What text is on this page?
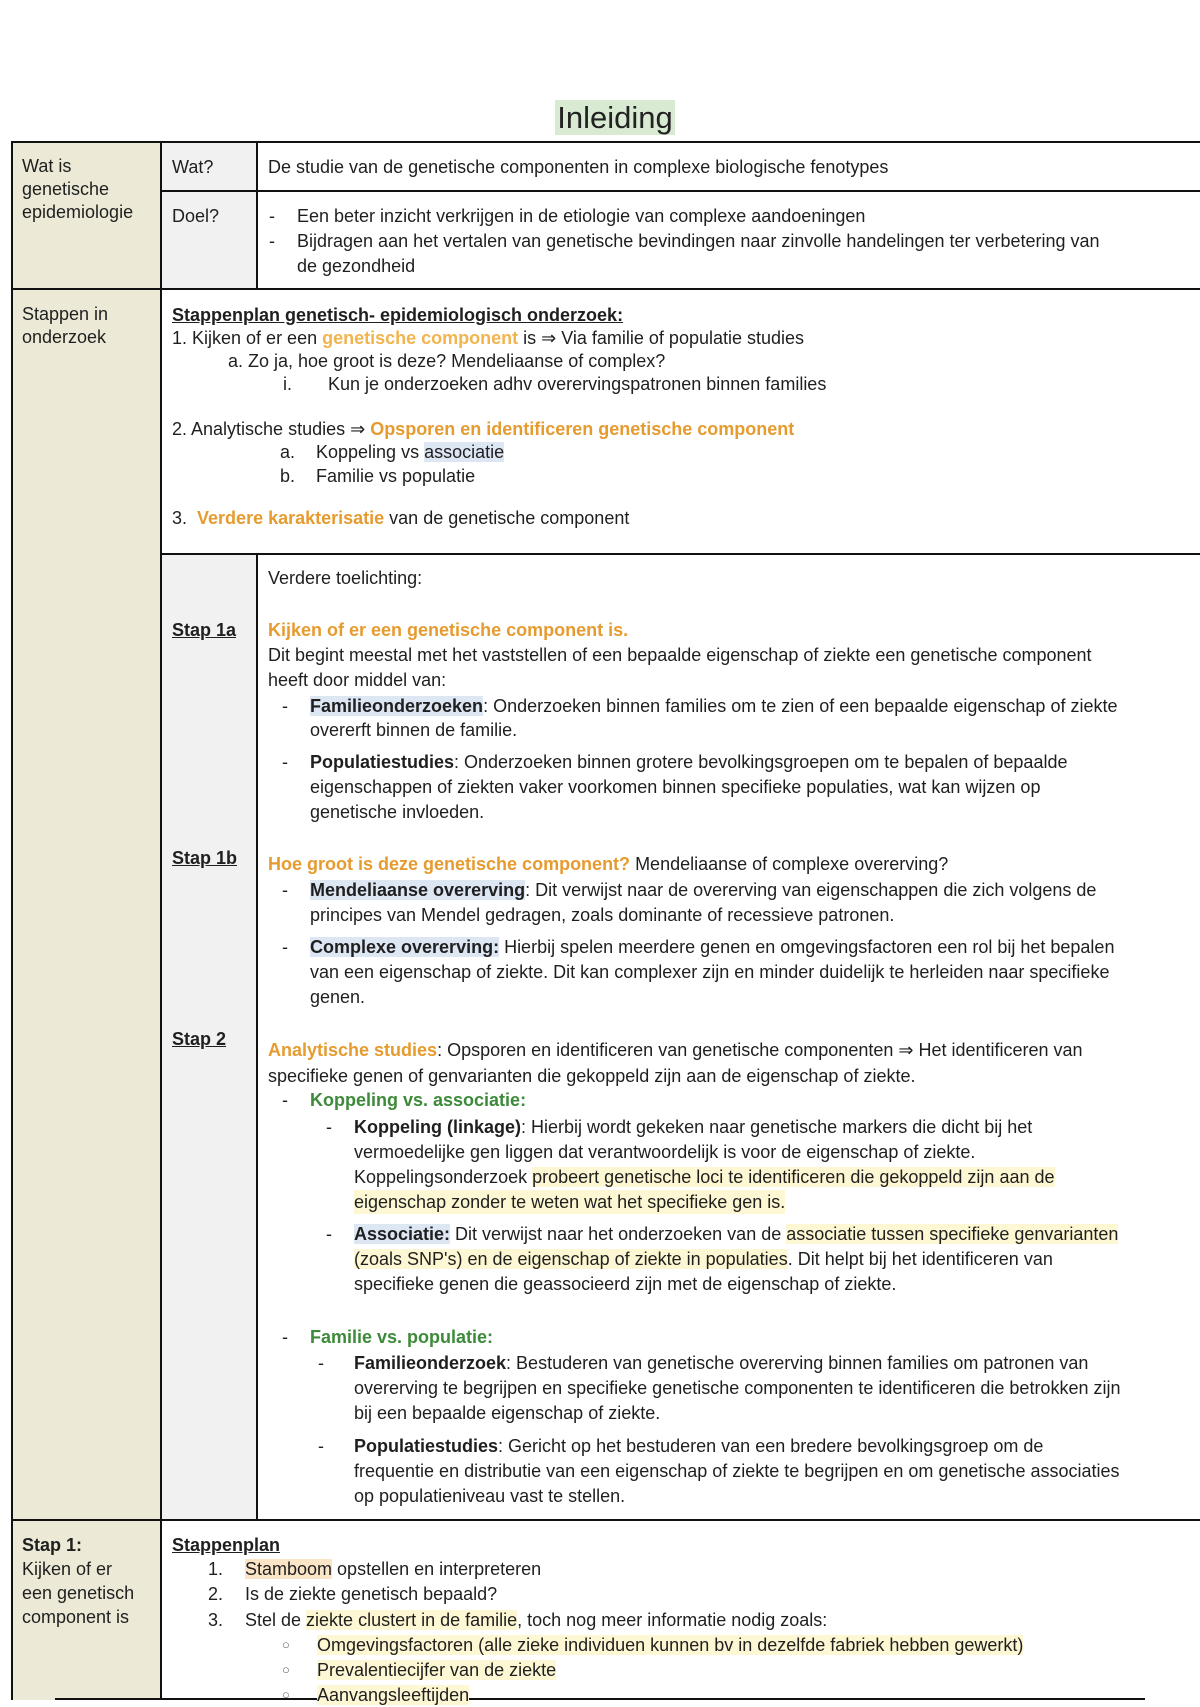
Inleiding
Wat is genetische epidemiologie
Wat?	De studie van de genetische componenten in complexe biologische fenotypes
Doel?	- Een beter inzicht verkrijgen in de etiologie van complexe aandoeningen
- Bijdragen aan het vertalen van genetische bevindingen naar zinvolle handelingen ter verbetering van
de gezondheid
Stappen in onderzoek
Stappenplan genetisch- epidemiologisch onderzoek:
1. Kijken of er een genetische component is ⇒ Via familie of populatie studies
a. Zo ja, hoe groot is deze? Mendeliaanse of complex?
i. Kun je onderzoeken adhv overervingspatronen binnen families
2. Analytische studies ⇒ Opsporen en identificeren genetische component
a. Koppeling vs associatie
b. Familie vs populatie
3. Verdere karakterisatie van de genetische component
Verdere toelichting:
Stap 1a Kijken of er een genetische component is.
Dit begint meestal met het vaststellen of een bepaalde eigenschap of ziekte een genetische component
heeft door middel van:
- Familieonderzoeken: Onderzoeken binnen families om te zien of een bepaalde eigenschap of ziekte
overerft binnen de familie.
- Populatiestudies: Onderzoeken binnen grotere bevolkingsgroepen om te bepalen of bepaalde
eigenschappen of ziekten vaker voorkomen binnen specifieke populaties, wat kan wijzen op
genetische invloeden.
Stap 1b Hoe groot is deze genetische component? Mendeliaanse of complexe overerving?
- Mendeliaanse overerving: Dit verwijst naar de overerving van eigenschappen die zich volgens de
principes van Mendel gedragen, zoals dominante of recessieve patronen.
- Complexe overerving: Hierbij spelen meerdere genen en omgevingsfactoren een rol bij het bepalen
van een eigenschap of ziekte. Dit kan complexer zijn en minder duidelijk te herleiden naar specifieke
genen.
Stap 2
Analytische studies: Opsporen en identificeren van genetische componenten ⇒ Het identificeren van
specifieke genen of genvarianten die gekoppeld zijn aan de eigenschap of ziekte.
- Koppeling vs. associatie:
- Koppeling (linkage): Hierbij wordt gekeken naar genetische markers die dicht bij het
vermoedelijke gen liggen dat verantwoordelijk is voor de eigenschap of ziekte.
Koppelingsonderzoek probeert genetische loci te identificeren die gekoppeld zijn aan de
eigenschap zonder te weten wat het specifieke gen is.
- Associatie: Dit verwijst naar het onderzoeken van de associatie tussen specifieke genvarianten
(zoals SNP's) en de eigenschap of ziekte in populaties. Dit helpt bij het identificeren van
specifieke genen die geassocieerd zijn met de eigenschap of ziekte.
- Familie vs. populatie:
- Familieonderzoek: Bestuderen van genetische overerving binnen families om patronen van
overerving te begrijpen en specifieke genetische componenten te identificeren die betrokken zijn
bij een bepaalde eigenschap of ziekte.
- Populatiestudies: Gericht op het bestuderen van een bredere bevolkingsgroep om de
frequentie en distributie van een eigenschap of ziekte te begrijpen en om genetische associaties
op populatieniveau vast te stellen.
Stap 1:
Kijken of er
een genetisch
component is
Stappenplan
1. Stamboom opstellen en interpreteren
2. Is de ziekte genetisch bepaald?
3. Stel de ziekte clustert in de familie, toch nog meer informatie nodig zoals:
○ Omgevingsfactoren (alle zieke individuen kunnen bv in dezelfde fabriek hebben gewerkt)
○ Prevalentiecijfer van de ziekte
○ Aanvangsleeftijden
